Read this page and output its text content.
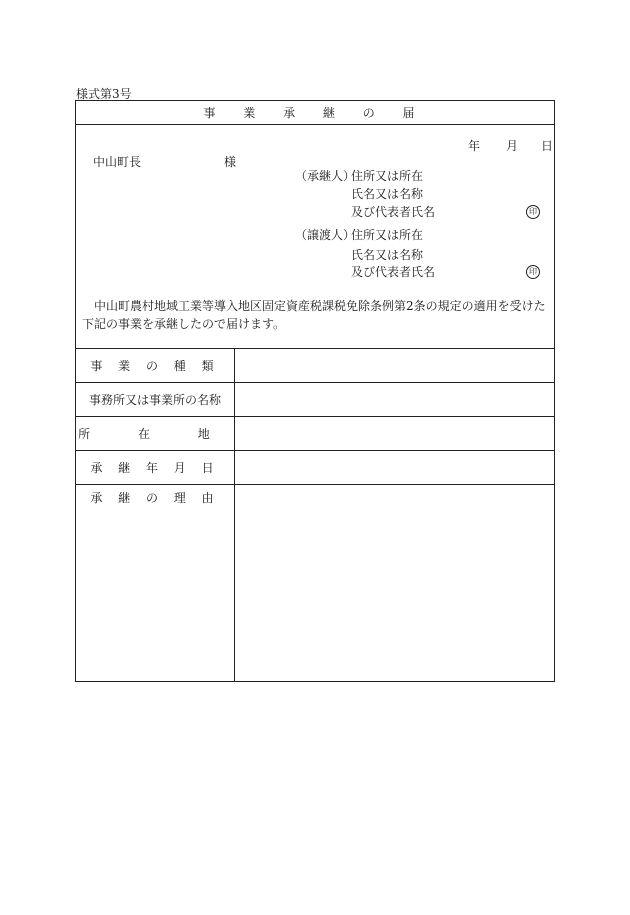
様式第3号
事 業 承 継 の 届
年 月 日
中山町長	様
（承継人）
住所又は所在
氏名又は名称
及び代表者氏名	印
（譲渡人）
住所又は所在
氏名又は名称
及び代表者氏名	印

中山町農村地域工業等導入地区固定資産税課税免除条例第2条の規定の適用を受けた下記の事業を承継したので届けます。

事 業 の 種 類
事務所又は事業所の名称
所 在 地
承 継 年 月 日
承 継 の 理 由
